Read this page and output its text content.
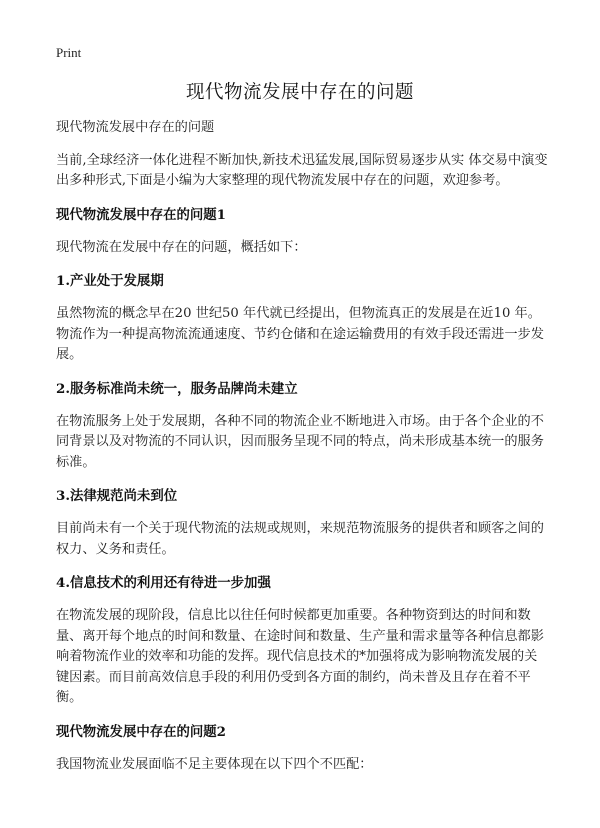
Print
现代物流发展中存在的问题

现代物流发展中存在的问题

当前,全球经济一体化进程不断加快,新技术迅猛发展,国际贸易逐步从实 体交易中演变出多种形式,下面是小编为大家整理的现代物流发展中存在的问题，欢迎参考。

现代物流发展中存在的问题1

现代物流在发展中存在的问题，概括如下：

1.产业处于发展期

虽然物流的概念早在20 世纪50 年代就已经提出，但物流真正的发展是在近10 年。物流作为一种提高物流流通速度、节约仓储和在途运输费用的有效手段还需进一步发展。

2.服务标准尚未统一，服务品牌尚未建立

在物流服务上处于发展期，各种不同的物流企业不断地进入市场。由于各个企业的不同背景以及对物流的不同认识，因而服务呈现不同的特点，尚未形成基本统一的服务标准。

3.法律规范尚未到位

目前尚未有一个关于现代物流的法规或规则，来规范物流服务的提供者和顾客之间的权力、义务和责任。

4.信息技术的利用还有待进一步加强

在物流发展的现阶段，信息比以往任何时候都更加重要。各种物资到达的时间和数量、离开每个地点的时间和数量、在途时间和数量、生产量和需求量等各种信息都影响着物流作业的效率和功能的发挥。现代信息技术的*加强将成为影响物流发展的关键因素。而目前高效信息手段的利用仍受到各方面的制约，尚未普及且存在着不平衡。

现代物流发展中存在的问题2

我国物流业发展面临不足主要体现在以下四个不匹配：
